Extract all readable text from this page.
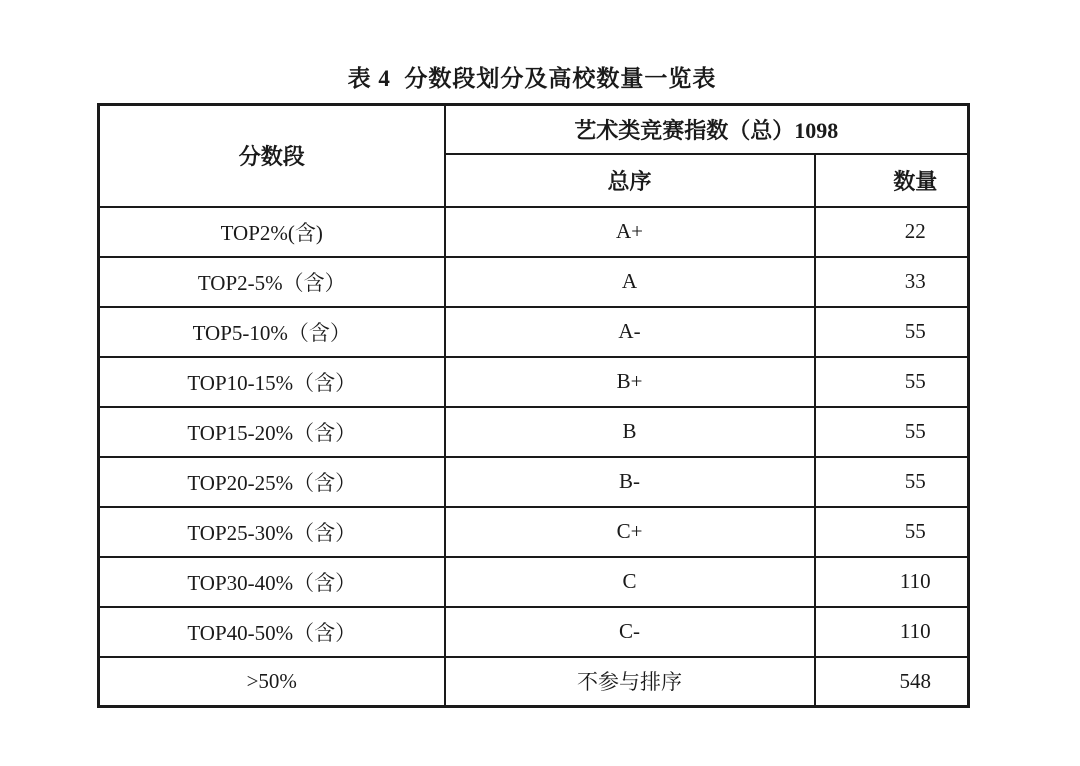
表 4  分数段划分及高校数量一览表
分数段	艺术类竞赛指数（总）1098	
	总序	数量
TOP2%(含)	A+	22
TOP2-5%（含）	A	33
TOP5-10%（含）	A-	55
TOP10-15%（含）	B+	55
TOP15-20%（含）	B	55
TOP20-25%（含）	B-	55
TOP25-30%（含）	C+	55
TOP30-40%（含）	C	110
TOP40-50%（含）	C-	110
>50%	不参与排序	548
